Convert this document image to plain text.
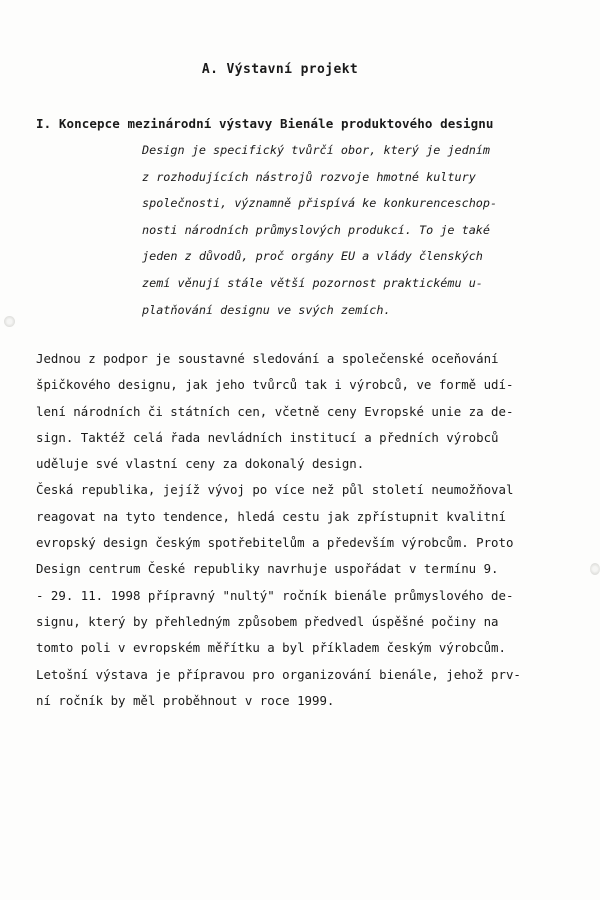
A. Výstavní projekt
I. Koncepce mezinárodní výstavy Bienále produktového designu
Design je specifický tvůrčí obor, který je jedním
z rozhodujících nástrojů rozvoje hmotné kultury
společnosti, významně přispívá ke konkurenceschop-
nosti národních průmyslových produkcí. To je také
jeden z důvodů, proč orgány EU a vlády členských
zemí věnují stále větší pozornost praktickému u-
platňování designu ve svých zemích.
Jednou z podpor je soustavné sledování a společenské oceňování
špičkového designu, jak jeho tvůrců tak i výrobců, ve formě udí-
lení národních či státních cen, včetně ceny Evropské unie za de-
sign. Taktéž celá řada nevládních institucí a předních výrobců
uděluje své vlastní ceny za dokonalý design.
Česká republika, jejíž vývoj po více než půl století neumožňoval
reagovat na tyto tendence, hledá cestu jak zpřístupnit kvalitní
evropský design českým spotřebitelům a především výrobcům. Proto
Design centrum České republiky navrhuje uspořádat v termínu 9.
- 29. 11. 1998 přípravný "nultý" ročník bienále průmyslového de-
signu, který by přehledným způsobem předvedl úspěšné počiny na
tomto poli v evropském měřítku a byl příkladem českým výrobcům.
Letošní výstava je přípravou pro organizování bienále, jehož prv-
ní ročník by měl proběhnout v roce 1999.
